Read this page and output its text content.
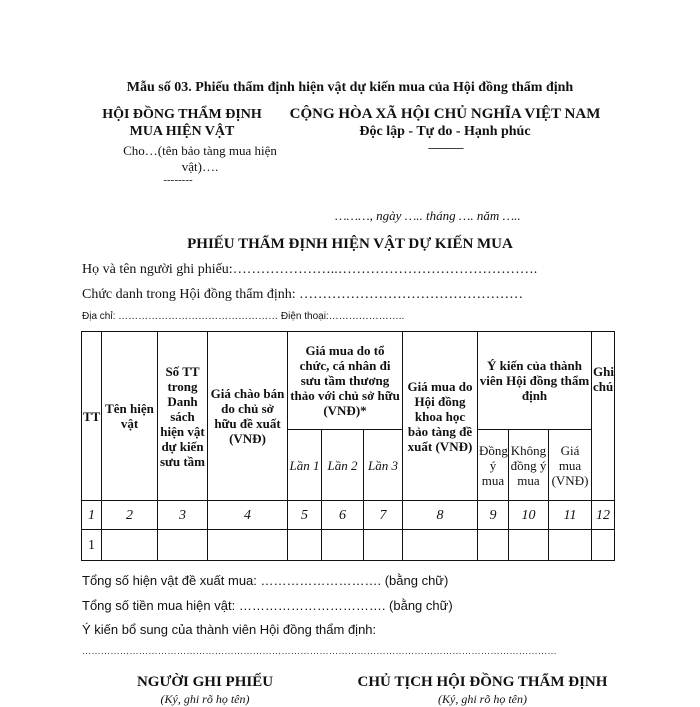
Mẫu số 03. Phiếu thẩm định hiện vật dự kiến mua của Hội đồng thẩm định
HỘI ĐỒNG THẨM ĐỊNH
MUA HIỆN VẬT
Cho…(tên bảo tàng mua hiện
vật)….
--------
CỘNG HÒA XÃ HỘI CHỦ NGHĨA VIỆT NAM
Độc lập - Tự do - Hạnh phúc
---------------
………, ngày ….. tháng …. năm …..
PHIẾU THẨM ĐỊNH HIỆN VẬT DỰ KIẾN MUA
Họ và tên người ghi phiếu:…………………..…………………………………….
Chức danh trong Hội đồng thẩm định: …………………………………………
Địa chỉ: ………………………………………… Điện thoại:…………………..
TT	Tên hiện vật	Số TT trong Danh sách hiện vật dự kiến sưu tầm	Giá chào bán do chủ sở hữu đề xuất (VNĐ)	Giá mua do tổ chức, cá nhân đi sưu tầm thương thảo với chủ sở hữu (VNĐ)*			Giá mua do Hội đồng khoa học bảo tàng đề xuất (VNĐ)	Ý kiến của thành viên Hội đồng thẩm định			Ghi chú
				Lần 1	Lần 2	Lần 3		Đồng ý mua	Không đồng ý mua	Giá mua (VNĐ)	
1	2	3	4	5	6	7	8	9	10	11	12
1											
Tổng số hiện vật đề xuất mua: ………………………. (bằng chữ)
Tổng số tiền mua hiện vật: ……………………………. (bằng chữ)
Ý kiến bổ sung của thành viên Hội đồng thẩm định:
……………………………………………………………………………………………………………………………………
NGƯỜI GHI PHIẾU
(Ký, ghi rõ họ tên)
CHỦ TỊCH HỘI ĐỒNG THẨM ĐỊNH
(Ký, ghi rõ họ tên)
